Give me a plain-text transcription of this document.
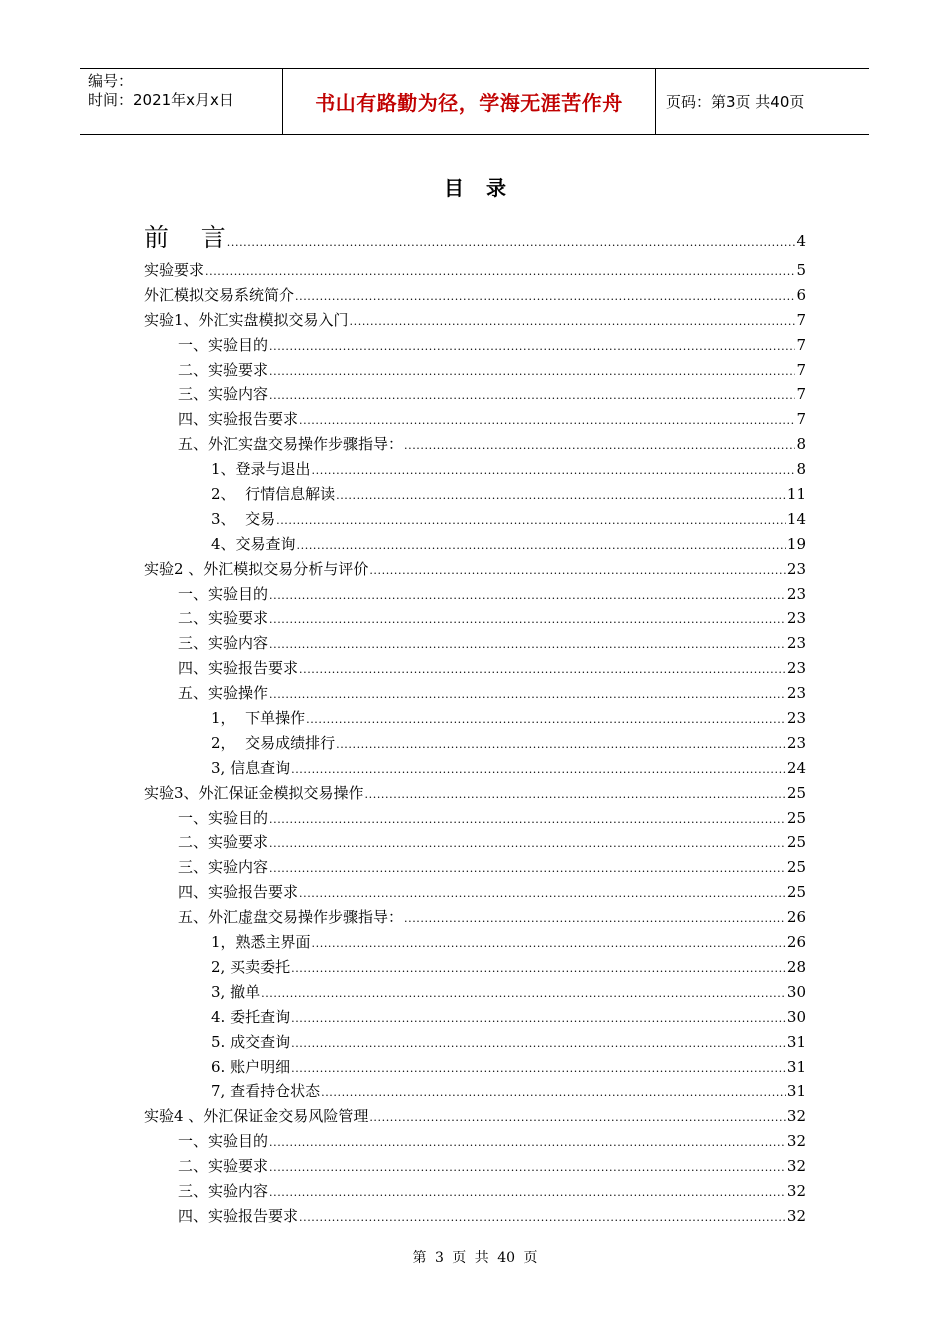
编号：
时间：2021年x月x日	书山有路勤为径，学海无涯苦作舟	页码：第3页 共40页
目录
前    言 .....	4
实验要求 .....	5
外汇模拟交易系统简介 .....	6
实验1、外汇实盘模拟交易入门 .....	7
一、实验目的 .....	7
二、实验要求 .....	7
三、实验内容 .....	7
四、实验报告要求 .....	7
五、外汇实盘交易操作步骤指导： .....	8
1、登录与退出 .....	8
2、  行情信息解读 .....	11
3、  交易 .....	14
4、交易查询 .....	19
实验2 、外汇模拟交易分析与评价 .....	23
一、实验目的 .....	23
二、实验要求 .....	23
三、实验内容 .....	23
四、实验报告要求 .....	23
五、实验操作 .....	23
1，  下单操作 .....	23
2，  交易成绩排行 .....	23
3, 信息查询 .....	24
实验3、外汇保证金模拟交易操作 .....	25
一、实验目的 .....	25
二、实验要求 .....	25
三、实验内容 .....	25
四、实验报告要求 .....	25
五、外汇虚盘交易操作步骤指导： .....	26
1，熟悉主界面 .....	26
2, 买卖委托 .....	28
3, 撤单 .....	30
4. 委托查询 .....	30
5. 成交查询 .....	31
6. 账户明细 .....	31
7, 查看持仓状态 .....	31
实验4 、外汇保证金交易风险管理 .....	32
一、实验目的 .....	32
二、实验要求 .....	32
三、实验内容 .....	32
四、实验报告要求 .....	32
第 3 页 共 40 页
